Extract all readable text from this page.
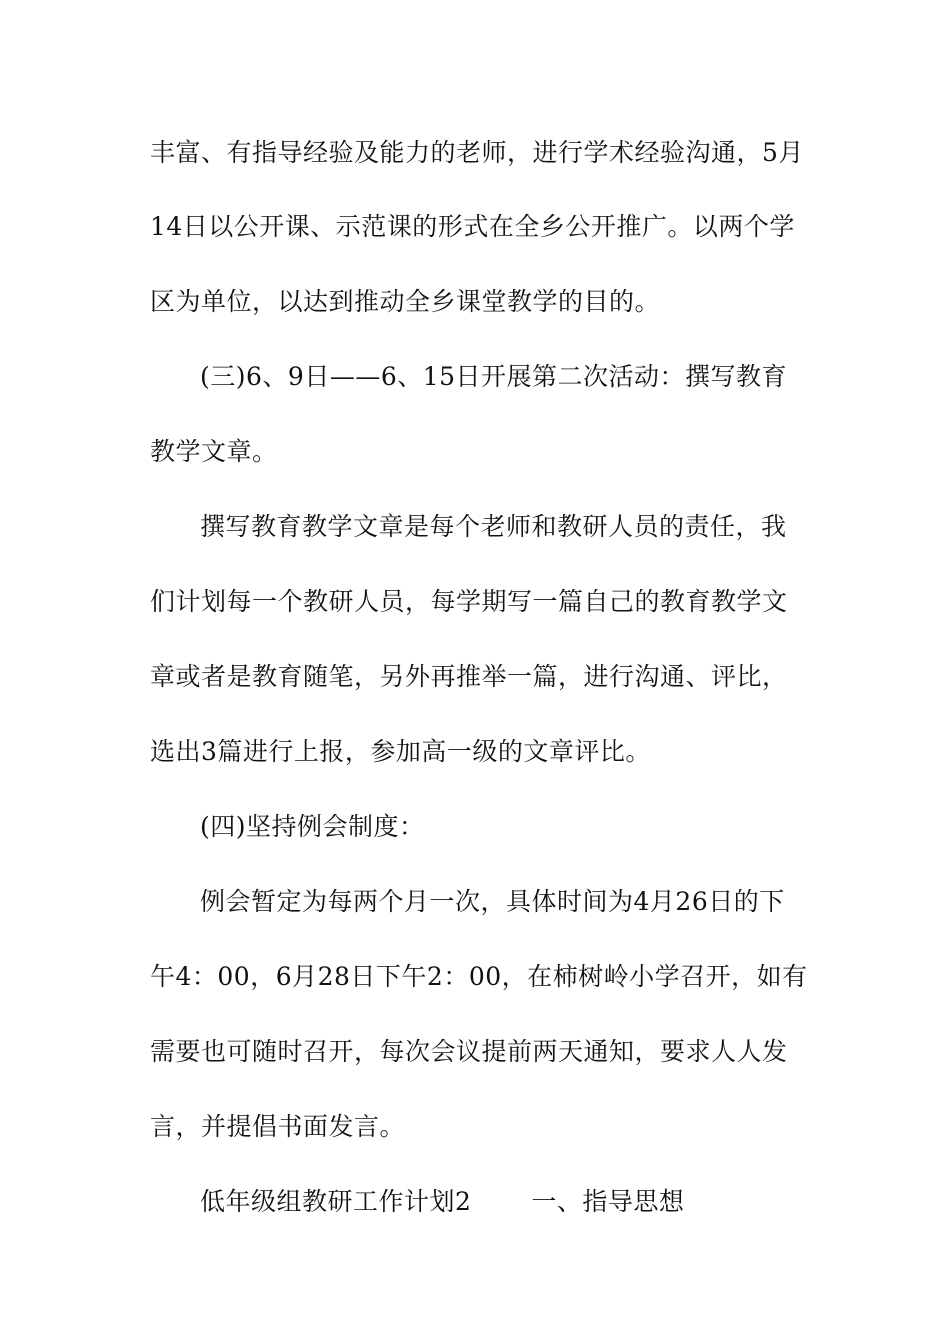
丰富、有指导经验及能力的老师，进行学术经验沟通，5月
14日以公开课、示范课的形式在全乡公开推广。以两个学
区为单位，以达到推动全乡课堂教学的目的。
(三)6、9日——6、15日开展第二次活动：撰写教育
教学文章。
撰写教育教学文章是每个老师和教研人员的责任，我
们计划每一个教研人员，每学期写一篇自己的教育教学文
章或者是教育随笔，另外再推举一篇，进行沟通、评比，
选出3篇进行上报，参加高一级的文章评比。
(四)坚持例会制度：
例会暂定为每两个月一次，具体时间为4月26日的下
午4：00，6月28日下午2：00，在柿树岭小学召开，如有
需要也可随时召开，每次会议提前两天通知，要求人人发
言，并提倡书面发言。
低年级组教研工作计划2 一、指导思想
